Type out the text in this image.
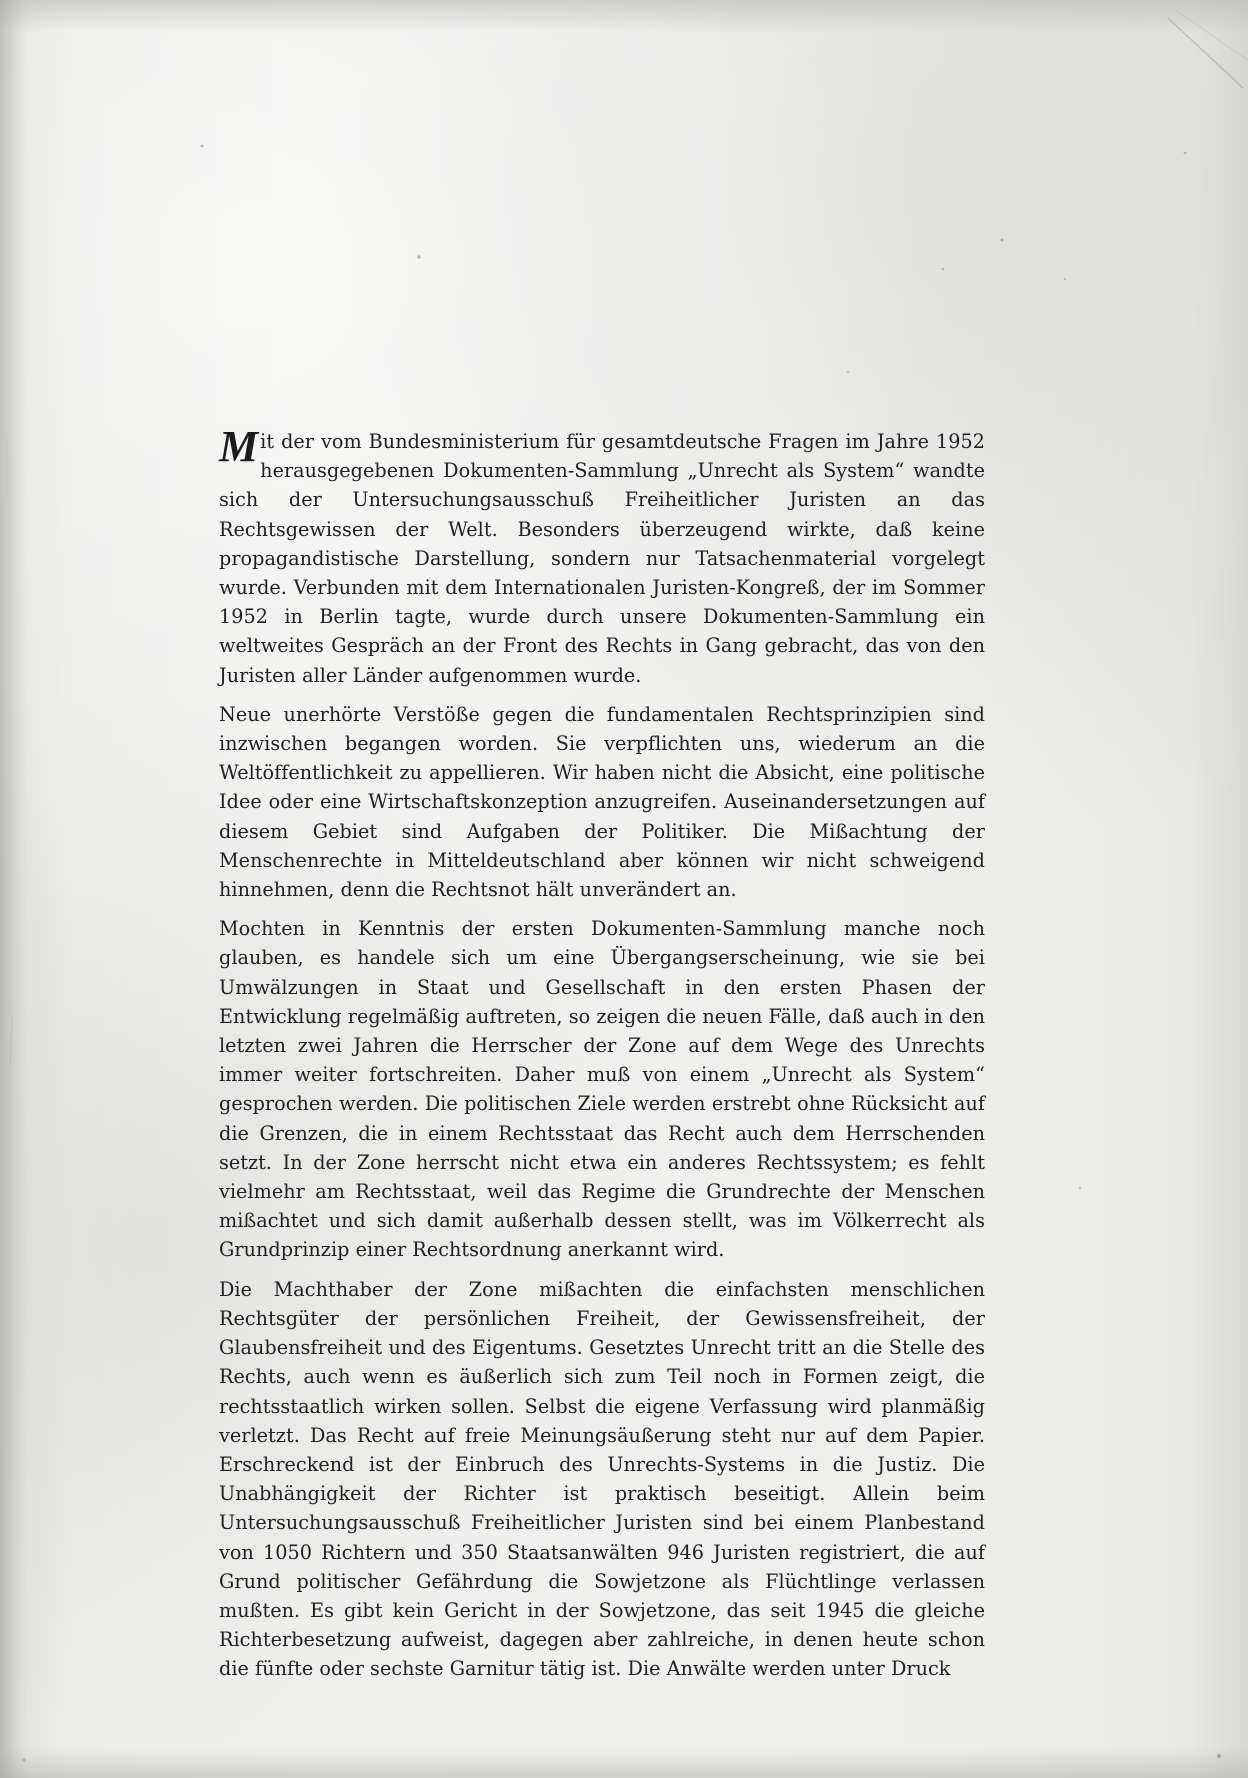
Mit der vom Bundesministerium für gesamtdeutsche Fragen im Jahre 1952 herausgegebenen Dokumenten-Sammlung „Unrecht als System“ wandte sich der Untersuchungsausschuß Freiheitlicher Juristen an das Rechtsgewissen der Welt. Besonders überzeugend wirkte, daß keine propagandistische Darstellung, sondern nur Tatsachenmaterial vorgelegt wurde. Verbunden mit dem Internationalen Juristen-Kongreß, der im Sommer 1952 in Berlin tagte, wurde durch unsere Dokumenten-Sammlung ein weltweites Gespräch an der Front des Rechts in Gang gebracht, das von den Juristen aller Länder aufgenommen wurde.

Neue unerhörte Verstöße gegen die fundamentalen Rechtsprinzipien sind inzwischen begangen worden. Sie verpflichten uns, wiederum an die Weltöffentlichkeit zu appellieren. Wir haben nicht die Absicht, eine politische Idee oder eine Wirtschaftskonzeption anzugreifen. Auseinandersetzungen auf diesem Gebiet sind Aufgaben der Politiker. Die Mißachtung der Menschenrechte in Mitteldeutschland aber können wir nicht schweigend hinnehmen, denn die Rechtsnot hält unverändert an.

Mochten in Kenntnis der ersten Dokumenten-Sammlung manche noch glauben, es handele sich um eine Übergangserscheinung, wie sie bei Umwälzungen in Staat und Gesellschaft in den ersten Phasen der Entwicklung regelmäßig auftreten, so zeigen die neuen Fälle, daß auch in den letzten zwei Jahren die Herrscher der Zone auf dem Wege des Unrechts immer weiter fortschreiten. Daher muß von einem „Unrecht als System“ gesprochen werden. Die politischen Ziele werden erstrebt ohne Rücksicht auf die Grenzen, die in einem Rechtsstaat das Recht auch dem Herrschenden setzt. In der Zone herrscht nicht etwa ein anderes Rechtssystem; es fehlt vielmehr am Rechtsstaat, weil das Regime die Grundrechte der Menschen mißachtet und sich damit außerhalb dessen stellt, was im Völkerrecht als Grundprinzip einer Rechtsordnung anerkannt wird.

Die Machthaber der Zone mißachten die einfachsten menschlichen Rechtsgüter der persönlichen Freiheit, der Gewissensfreiheit, der Glaubensfreiheit und des Eigentums. Gesetztes Unrecht tritt an die Stelle des Rechts, auch wenn es äußerlich sich zum Teil noch in Formen zeigt, die rechtsstaatlich wirken sollen. Selbst die eigene Verfassung wird planmäßig verletzt. Das Recht auf freie Meinungsäußerung steht nur auf dem Papier. Erschreckend ist der Einbruch des Unrechts-Systems in die Justiz. Die Unabhängigkeit der Richter ist praktisch beseitigt. Allein beim Untersuchungsausschuß Freiheitlicher Juristen sind bei einem Planbestand von 1050 Richtern und 350 Staatsanwälten 946 Juristen registriert, die auf Grund politischer Gefährdung die Sowjetzone als Flüchtlinge verlassen mußten. Es gibt kein Gericht in der Sowjetzone, das seit 1945 die gleiche Richterbesetzung aufweist, dagegen aber zahlreiche, in denen heute schon die fünfte oder sechste Garnitur tätig ist. Die Anwälte werden unter Druck
